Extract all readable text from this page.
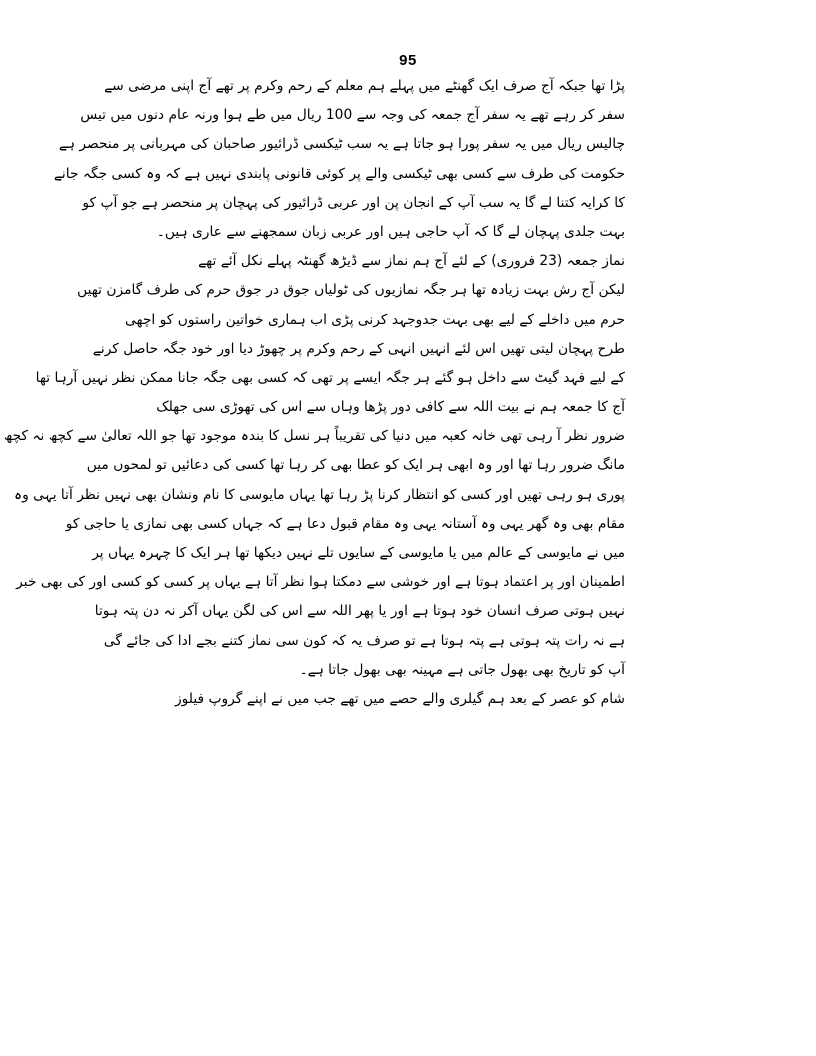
95
پڑا تھا جبکہ آج صرف ایک گھنٹے میں پہلے ہم معلم کے رحم وکرم پر تھے آج اپنی مرضی سے
سفر کر رہے تھے یہ سفر آج جمعہ کی وجہ سے 100 ریال میں طے ہوا ورنہ عام دنوں میں تیس
چالیس ریال میں یہ سفر پورا ہو جاتا ہے یہ سب ٹیکسی ڈرائیور صاحبان کی مہربانی پر منحصر ہے
حکومت کی طرف سے کسی بھی ٹیکسی والے پر کوئی قانونی پابندی نہیں ہے کہ وہ کسی جگہ جانے
کا کرایہ کتنا لے گا یہ سب آپ کے انجان پن اور عربی ڈرائیور کی پہچان پر منحصر ہے جو آپ کو
بہت جلدی پہچان لے گا کہ آپ حاجی ہیں اور عربی زبان سمجھنے سے عاری ہیں۔
نماز جمعہ (23 فروری) کے لئے آج ہم نماز سے ڈیڑھ گھنٹہ پہلے نکل آئے تھے
لیکن آج رش بہت زیادہ تھا ہر جگہ نمازیوں کی ٹولیاں جوق در جوق حرم کی طرف گامزن تھیں
حرم میں داخلے کے لیے بھی بہت جدوجہد کرنی پڑی اب ہماری خواتین راستوں کو اچھی
طرح پہچان لیتی تھیں اس لئے انہیں انہی کے رحم وکرم پر چھوڑ دیا اور خود جگہ حاصل کرنے
کے لیے فہد گیٹ سے داخل ہو گئے ہر جگہ ایسے پر تھی کہ کسی بھی جگہ جانا ممکن نظر نہیں آرہا تھا
آج کا جمعہ ہم نے بیت اللہ سے کافی دور پڑھا وہاں سے اس کی تھوڑی سی جھلک
ضرور نظر آ رہی تھی خانہ کعبہ میں دنیا کی تقریباً ہر نسل کا بندہ موجود تھا جو اللہ تعالیٰ سے کچھ نہ کچھ
مانگ ضرور رہا تھا اور وہ ابھی ہر ایک کو عطا بھی کر رہا تھا کسی کی دعائیں تو لمحوں میں
پوری ہو رہی تھیں اور کسی کو انتظار کرنا پڑ رہا تھا یہاں مایوسی کا نام ونشان بھی نہیں نظر آتا یہی وہ
مقام بھی وہ گھر یہی وہ آستانہ یہی وہ مقام قبول دعا ہے کہ جہاں کسی بھی نمازی یا حاجی کو
میں نے مایوسی کے عالم میں یا مایوسی کے سایوں تلے نہیں دیکھا تھا ہر ایک کا چہرہ یہاں پر
اطمینان اور پر اعتماد ہوتا ہے اور خوشی سے دمکتا ہوا نظر آتا ہے یہاں پر کسی کو کسی اور کی بھی خبر
نہیں ہوتی صرف انسان خود ہوتا ہے اور یا پھر اللہ سے اس کی لگن یہاں آکر نہ دن پتہ ہوتا
ہے نہ رات پتہ ہوتی ہے پتہ ہوتا ہے تو صرف یہ کہ کون سی نماز کتنے بجے ادا کی جائے گی
آپ کو تاریخ بھی بھول جاتی ہے مہینہ بھی بھول جاتا ہے۔
شام کو عصر کے بعد ہم گیلری والے حصے میں تھے جب میں نے اپنے گروپ فیلوز
